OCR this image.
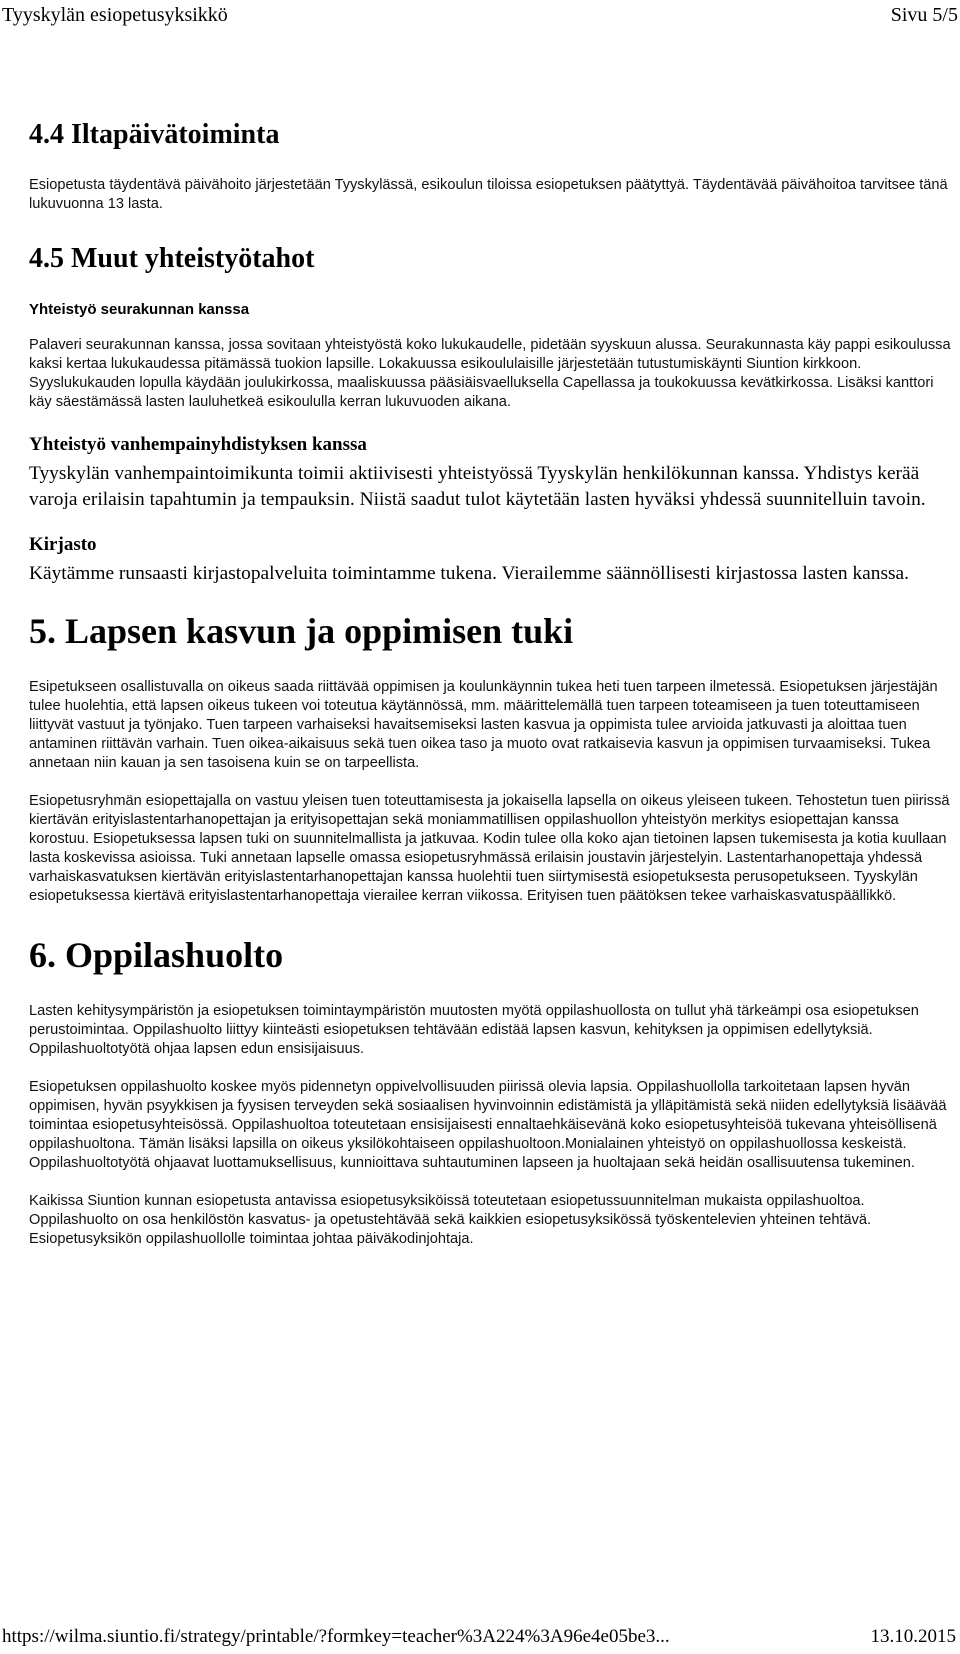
Tyyskylän esiopetusyksikkö	Sivu 5/5
4.4 Iltapäivätoiminta

Esiopetusta täydentävä päivähoito järjestetään Tyyskylässä, esikoulun tiloissa esiopetuksen päätyttyä. Täydentävää päivähoitoa tarvitsee tänä lukuvuonna 13 lasta.

4.5 Muut yhteistyötahot
Yhteistyö seurakunnan kanssa

Palaveri seurakunnan kanssa, jossa sovitaan yhteistyöstä koko lukukaudelle, pidetään syyskuun alussa. Seurakunnasta käy pappi esikoulussa kaksi kertaa lukukaudessa pitämässä tuokion lapsille. Lokakuussa esikoululaisille järjestetään tutustumiskäynti Siuntion kirkkoon. Syyslukukauden lopulla käydään joulukirkossa, maaliskuussa pääsiäisvaelluksella Capellassa ja toukokuussa kevätkirkossa. Lisäksi kanttori käy säestämässä lasten lauluhetkeä esikoululla kerran lukuvuoden aikana.

Yhteistyö vanhempainyhdistyksen kanssa

Tyyskylän vanhempaintoimikunta toimii aktiivisesti yhteistyössä Tyyskylän henkilökunnan kanssa. Yhdistys kerää varoja erilaisin tapahtumin ja tempauksin. Niistä saadut tulot käytetään lasten hyväksi yhdessä suunnitelluin tavoin.

Kirjasto

Käytämme runsaasti kirjastopalveluita toimintamme tukena. Vierailemme säännöllisesti kirjastossa lasten kanssa.

5. Lapsen kasvun ja oppimisen tuki

Esipetukseen osallistuvalla on oikeus saada riittävää oppimisen ja koulunkäynnin tukea heti tuen tarpeen ilmetessä. Esiopetuksen järjestäjän tulee huolehtia, että lapsen oikeus tukeen voi toteutua käytännössä, mm. määrittelemällä tuen tarpeen toteamiseen ja tuen toteuttamiseen liittyvät vastuut ja työnjako. Tuen tarpeen varhaiseksi havaitsemiseksi lasten kasvua ja oppimista tulee arvioida jatkuvasti ja aloittaa tuen antaminen riittävän varhain. Tuen oikea-aikaisuus sekä tuen oikea taso ja muoto ovat ratkaisevia kasvun ja oppimisen turvaamiseksi. Tukea annetaan niin kauan ja sen tasoisena kuin se on tarpeellista.

Esiopetusryhmän esiopettajalla on vastuu yleisen tuen toteuttamisesta ja jokaisella lapsella on oikeus yleiseen tukeen. Tehostetun tuen piirissä kiertävän erityislastentarhanopettajan ja erityisopettajan sekä moniammatillisen oppilashuollon yhteistyön merkitys esiopettajan kanssa korostuu. Esiopetuksessa lapsen tuki on suunnitelmallista ja jatkuvaa. Kodin tulee olla koko ajan tietoinen lapsen tukemisesta ja kotia kuullaan lasta koskevissa asioissa. Tuki annetaan lapselle omassa esiopetusryhmässä erilaisin joustavin järjestelyin. Lastentarhanopettaja yhdessä varhaiskasvatuksen kiertävän erityislastentarhanopettajan kanssa huolehtii tuen siirtymisestä esiopetuksesta perusopetukseen. Tyyskylän esiopetuksessa kiertävä erityislastentarhanopettaja vierailee kerran viikossa. Erityisen tuen päätöksen tekee varhaiskasvatuspäällikkö.

6. Oppilashuolto

Lasten kehitysympäristön ja esiopetuksen toimintaympäristön muutosten myötä oppilashuollosta on tullut yhä tärkeämpi osa esiopetuksen perustoimintaa. Oppilashuolto liittyy kiinteästi esiopetuksen tehtävään edistää lapsen kasvun, kehityksen ja oppimisen edellytyksiä. Oppilashuoltotyötä ohjaa lapsen edun ensisijaisuus.

Esiopetuksen oppilashuolto koskee myös pidennetyn oppivelvollisuuden piirissä olevia lapsia. Oppilashuollolla tarkoitetaan lapsen hyvän oppimisen, hyvän psyykkisen ja fyysisen terveyden sekä sosiaalisen hyvinvoinnin edistämistä ja ylläpitämistä sekä niiden edellytyksiä lisäävää toimintaa esiopetusyhteisössä. Oppilashuoltoa toteutetaan ensisijaisesti ennaltaehkäisevänä koko esiopetusyhteisöä tukevana yhteisöllisenä oppilashuoltona. Tämän lisäksi lapsilla on oikeus yksilökohtaiseen oppilashuoltoon.Monialainen yhteistyö on oppilashuollossa keskeistä. Oppilashuoltotyötä ohjaavat luottamuksellisuus, kunnioittava suhtautuminen lapseen ja huoltajaan sekä heidän osallisuutensa tukeminen.

Kaikissa Siuntion kunnan esiopetusta antavissa esiopetusyksiköissä toteutetaan esiopetussuunnitelman mukaista oppilashuoltoa. Oppilashuolto on osa henkilöstön kasvatus- ja opetustehtävää sekä kaikkien esiopetusyksikössä työskentelevien yhteinen tehtävä. Esiopetusyksikön oppilashuollolle toimintaa johtaa päiväkodinjohtaja.

https://wilma.siuntio.fi/strategy/printable/?formkey=teacher%3A224%3A96e4e05be3...	13.10.2015
